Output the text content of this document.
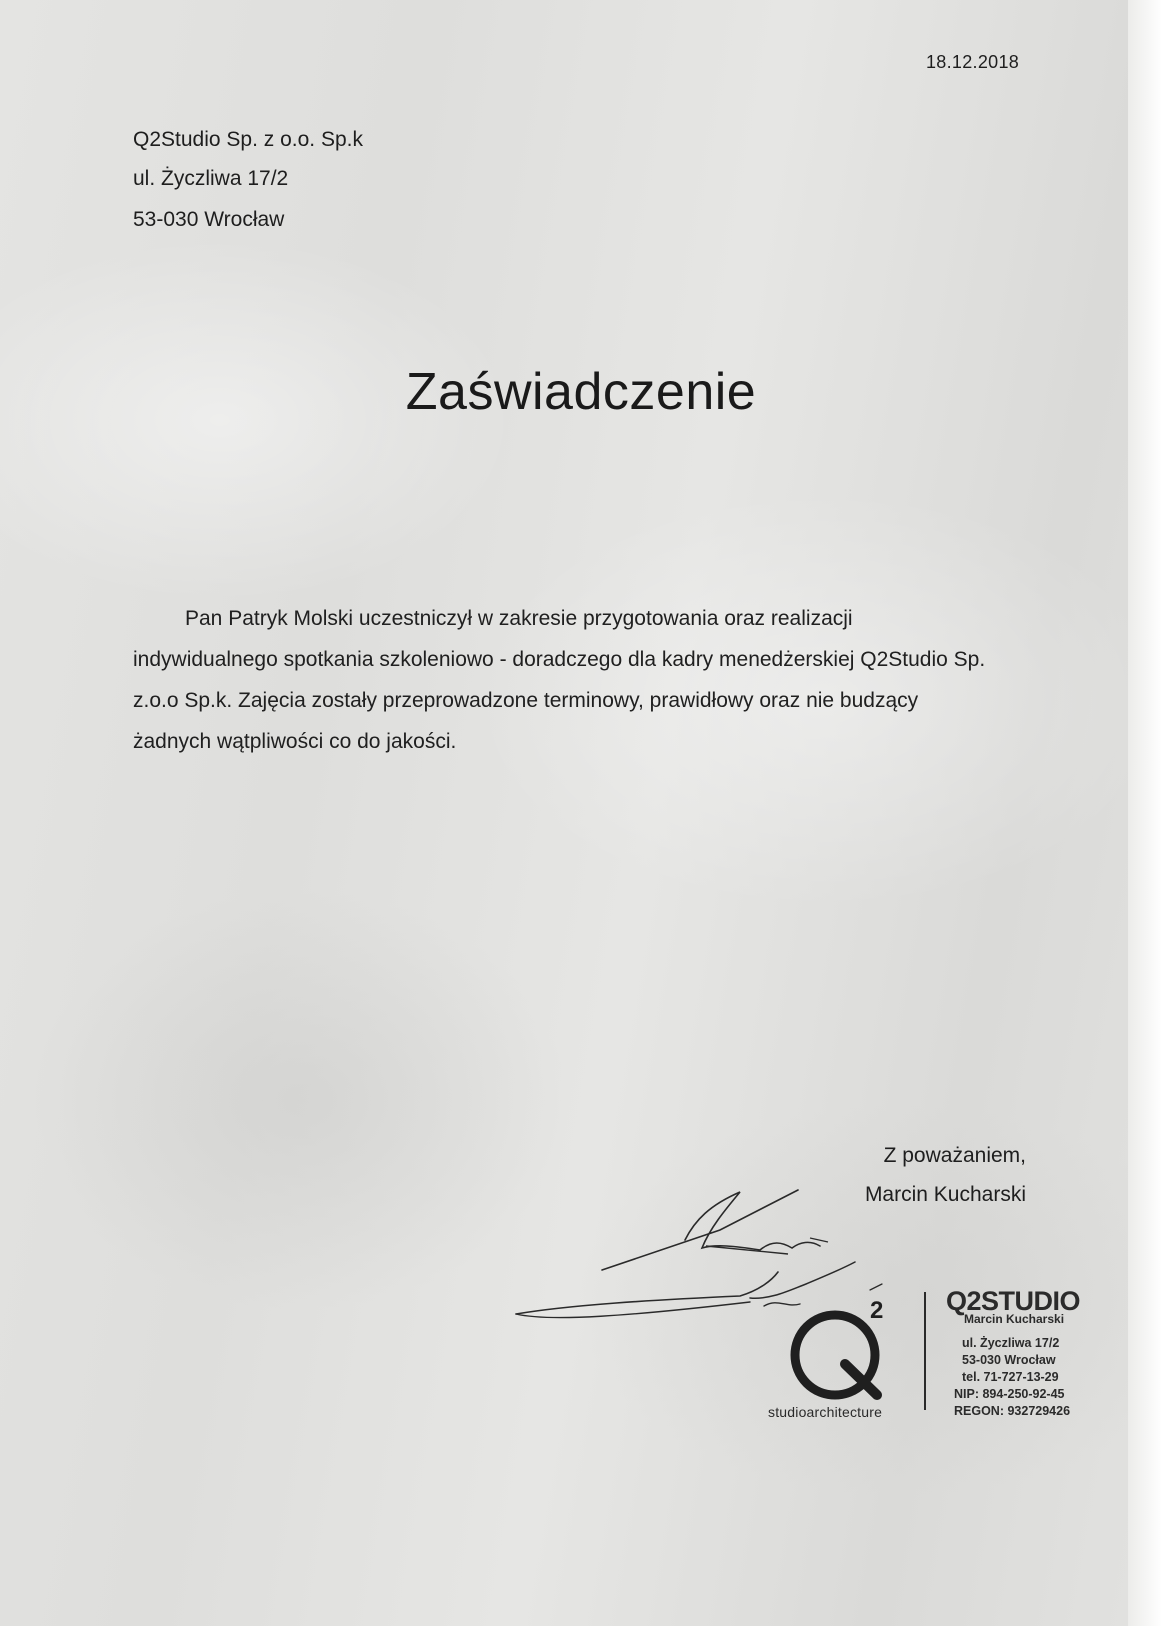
18.12.2018
Q2Studio Sp. z o.o. Sp.k
ul. Życzliwa 17/2
53-030 Wrocław
Zaświadczenie
Pan Patryk Molski uczestniczył w zakresie przygotowania oraz realizacji indywidualnego spotkania szkoleniowo - doradczego dla kadry menedżerskiej Q2Studio Sp. z.o.o Sp.k. Zajęcia zostały przeprowadzone terminowy, prawidłowy oraz nie budzący żadnych wątpliwości co do jakości.
Z poważaniem,
Marcin Kucharski
2
studioarchitecture
Q2STUDIO
Marcin Kucharski
ul. Życzliwa 17/2
53-030 Wrocław
tel. 71-727-13-29
NIP: 894-250-92-45
REGON: 932729426
